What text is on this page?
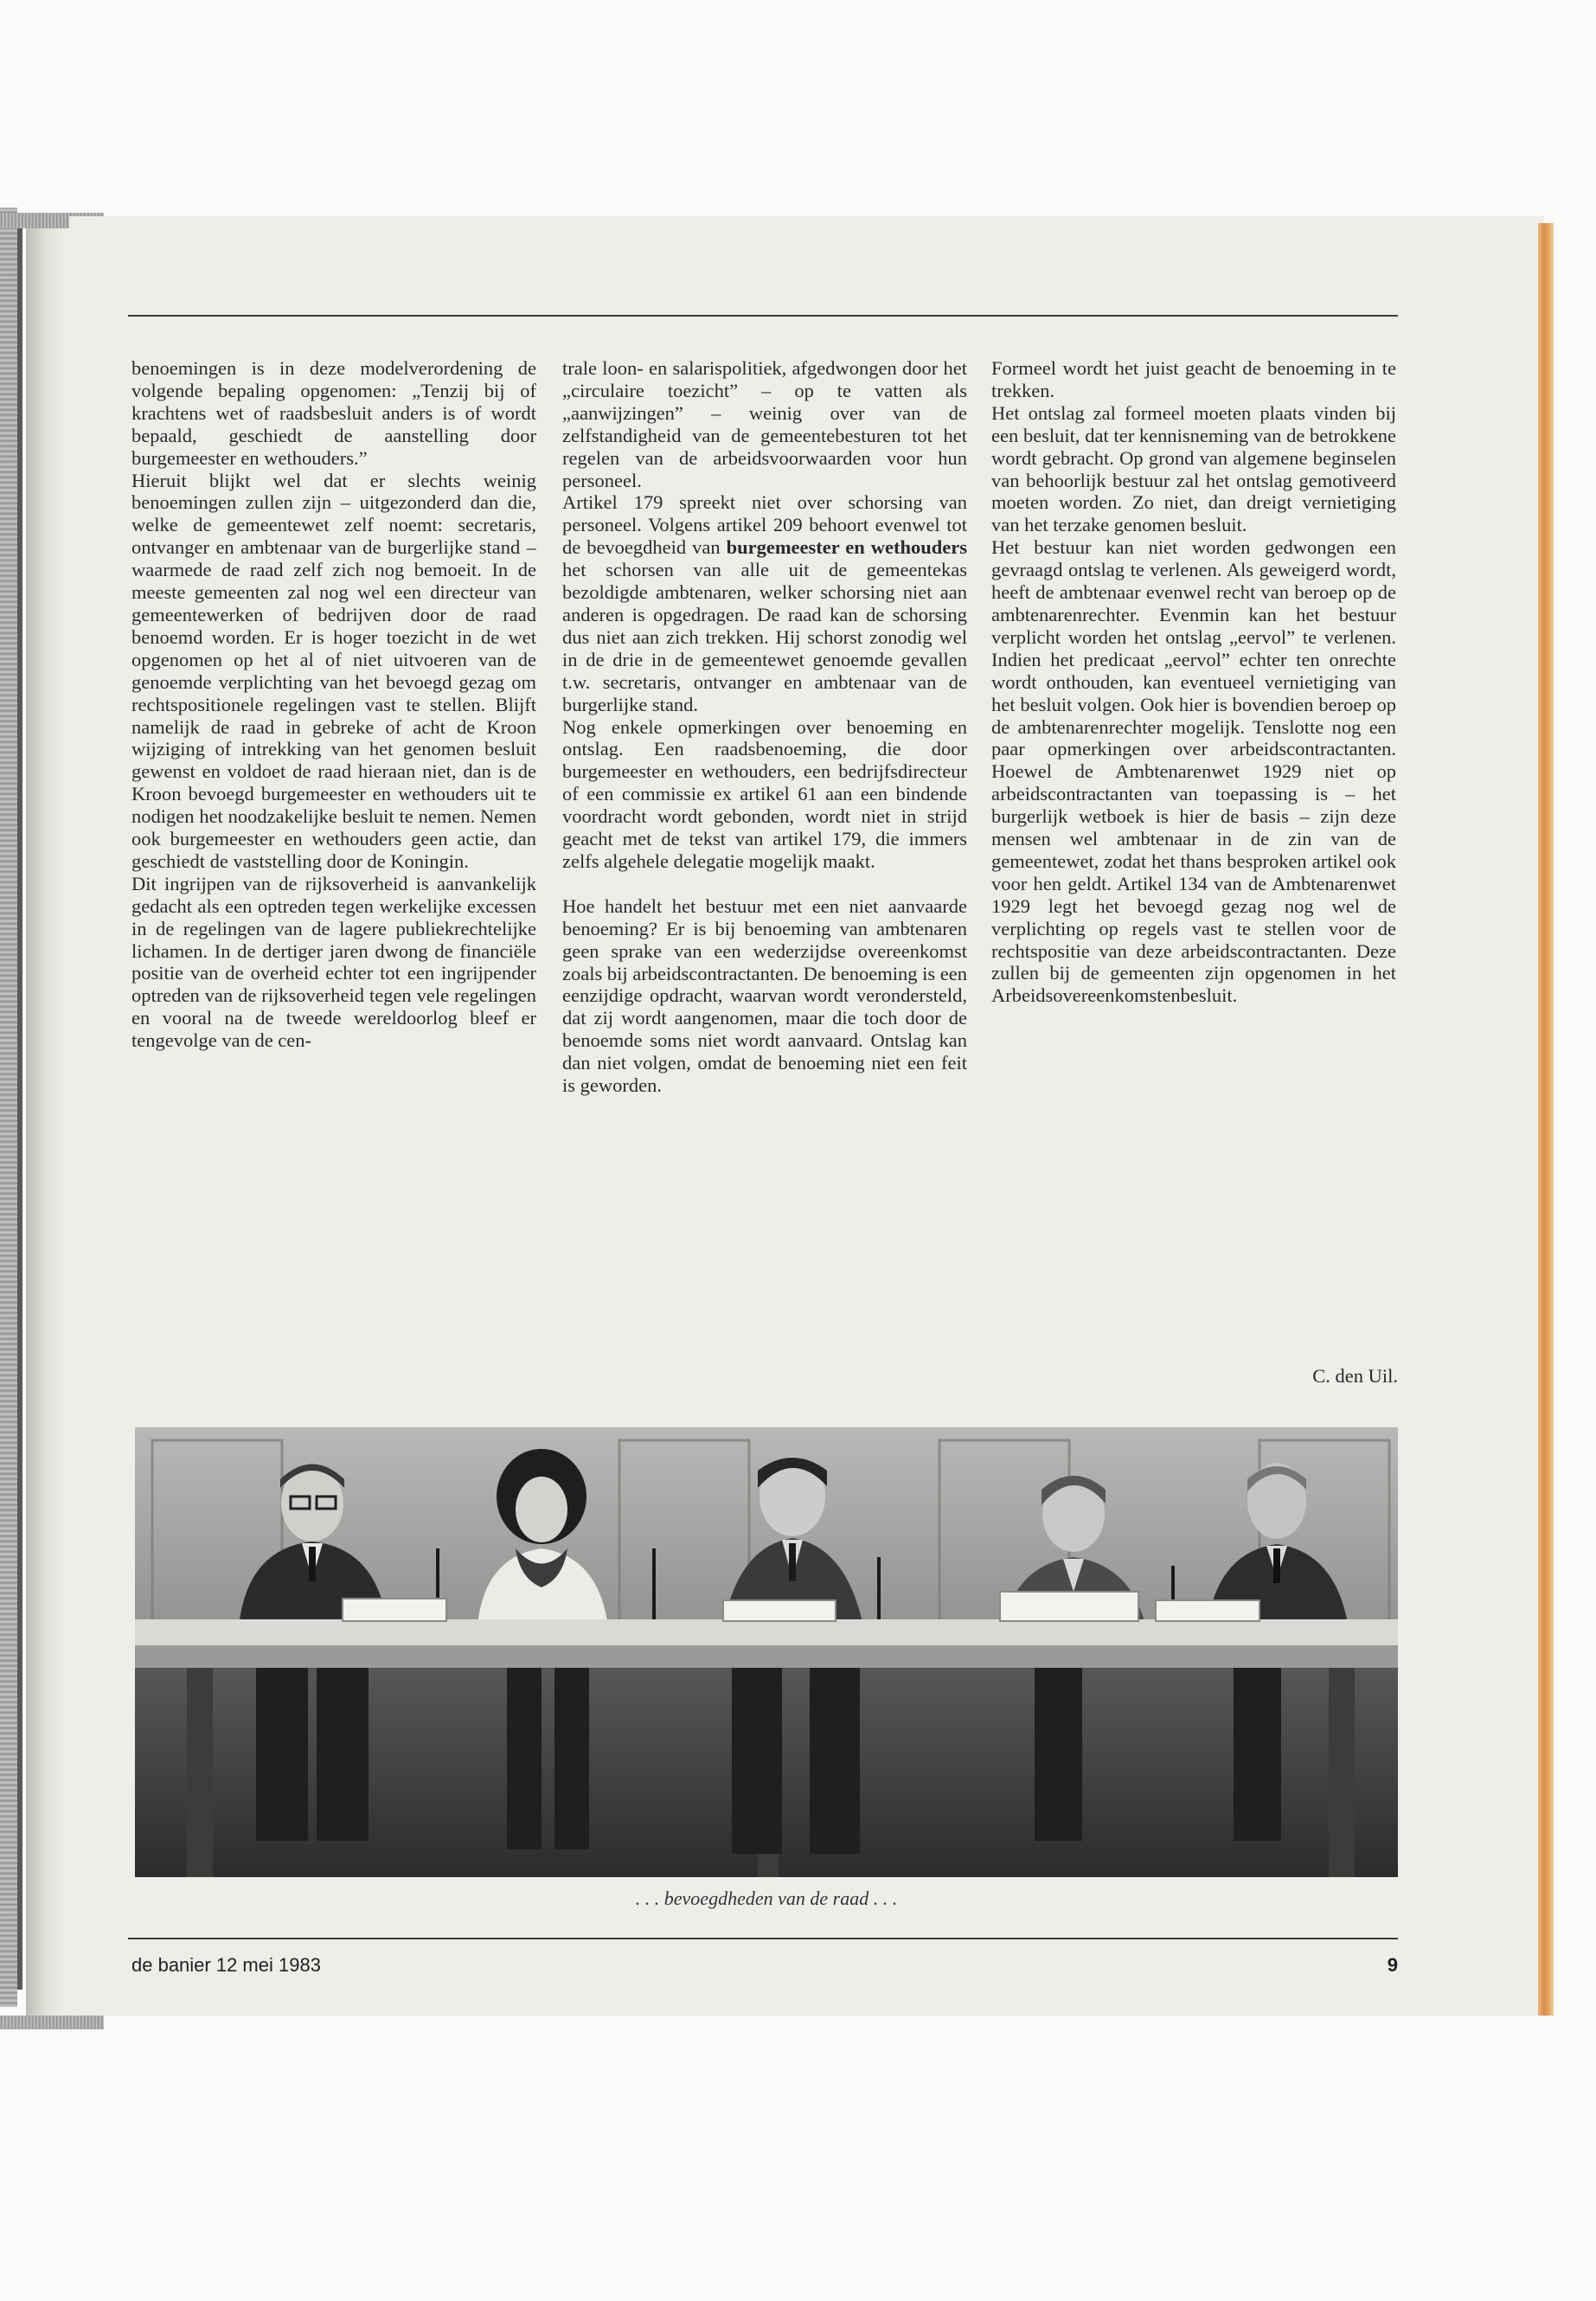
benoemingen is in deze modelverordening de volgende bepaling opgenomen: „Tenzij bij of krachtens wet of raadsbesluit anders is of wordt bepaald, geschiedt de aanstelling door burgemeester en wethouders.”

Hieruit blijkt wel dat er slechts weinig benoemingen zullen zijn – uitgezonderd dan die, welke de gemeentewet zelf noemt: secretaris, ontvanger en ambtenaar van de burgerlijke stand – waarmede de raad zelf zich nog bemoeit. In de meeste gemeenten zal nog wel een directeur van gemeentewerken of bedrijven door de raad benoemd worden. Er is hoger toezicht in de wet opgenomen op het al of niet uitvoeren van de genoemde verplichting van het bevoegd gezag om rechtspositionele regelingen vast te stellen. Blijft namelijk de raad in gebreke of acht de Kroon wijziging of intrekking van het genomen besluit gewenst en voldoet de raad hieraan niet, dan is de Kroon bevoegd burgemeester en wethouders uit te nodigen het noodzakelijke besluit te nemen. Nemen ook burgemeester en wethouders geen actie, dan geschiedt de vaststelling door de Koningin.

Dit ingrijpen van de rijksoverheid is aanvankelijk gedacht als een optreden tegen werkelijke excessen in de regelingen van de lagere publiekrechtelijke lichamen. In de dertiger jaren dwong de financiële positie van de overheid echter tot een ingrijpender optreden van de rijksoverheid tegen vele regelingen en vooral na de tweede wereldoorlog bleef er tengevolge van de cen-

trale loon- en salarispolitiek, afgedwongen door het „circulaire toezicht” – op te vatten als „aanwijzingen” – weinig over van de zelfstandigheid van de gemeentebesturen tot het regelen van de arbeidsvoorwaarden voor hun personeel.

Artikel 179 spreekt niet over schorsing van personeel. Volgens artikel 209 behoort evenwel tot de bevoegdheid van burgemeester en wethouders het schorsen van alle uit de gemeentekas bezoldigde ambtenaren, welker schorsing niet aan anderen is opgedragen. De raad kan de schorsing dus niet aan zich trekken. Hij schorst zonodig wel in de drie in de gemeentewet genoemde gevallen t.w. secretaris, ontvanger en ambtenaar van de burgerlijke stand.

Nog enkele opmerkingen over benoeming en ontslag. Een raadsbenoeming, die door burgemeester en wethouders, een bedrijfsdirecteur of een commissie ex artikel 61 aan een bindende voordracht wordt gebonden, wordt niet in strijd geacht met de tekst van artikel 179, die immers zelfs algehele delegatie mogelijk maakt.

Hoe handelt het bestuur met een niet aanvaarde benoeming? Er is bij benoeming van ambtenaren geen sprake van een wederzijdse overeenkomst zoals bij arbeidscontractanten. De benoeming is een eenzijdige opdracht, waarvan wordt verondersteld, dat zij wordt aangenomen, maar die toch door de benoemde soms niet wordt aanvaard. Ontslag kan dan niet volgen, omdat de benoeming niet een feit is geworden.

Formeel wordt het juist geacht de benoeming in te trekken.

Het ontslag zal formeel moeten plaats vinden bij een besluit, dat ter kennisneming van de betrokkene wordt gebracht. Op grond van algemene beginselen van behoorlijk bestuur zal het ontslag gemotiveerd moeten worden. Zo niet, dan dreigt vernietiging van het terzake genomen besluit.

Het bestuur kan niet worden gedwongen een gevraagd ontslag te verlenen. Als geweigerd wordt, heeft de ambtenaar evenwel recht van beroep op de ambtenarenrechter. Evenmin kan het bestuur verplicht worden het ontslag „eervol” te verlenen. Indien het predicaat „eervol” echter ten onrechte wordt onthouden, kan eventueel vernietiging van het besluit volgen. Ook hier is bovendien beroep op de ambtenarenrechter mogelijk. Tenslotte nog een paar opmerkingen over arbeidscontractanten. Hoewel de Ambtenarenwet 1929 niet op arbeidscontractanten van toepassing is – het burgerlijk wetboek is hier de basis – zijn deze mensen wel ambtenaar in de zin van de gemeentewet, zodat het thans besproken artikel ook voor hen geldt. Artikel 134 van de Ambtenarenwet 1929 legt het bevoegd gezag nog wel de verplichting op regels vast te stellen voor de rechtspositie van deze arbeidscontractanten. Deze zullen bij de gemeenten zijn opgenomen in het Arbeidsovereenkomstenbesluit.

C. den Uil.
. . . bevoegdheden van de raad . . .
de banier 12 mei 1983	9
